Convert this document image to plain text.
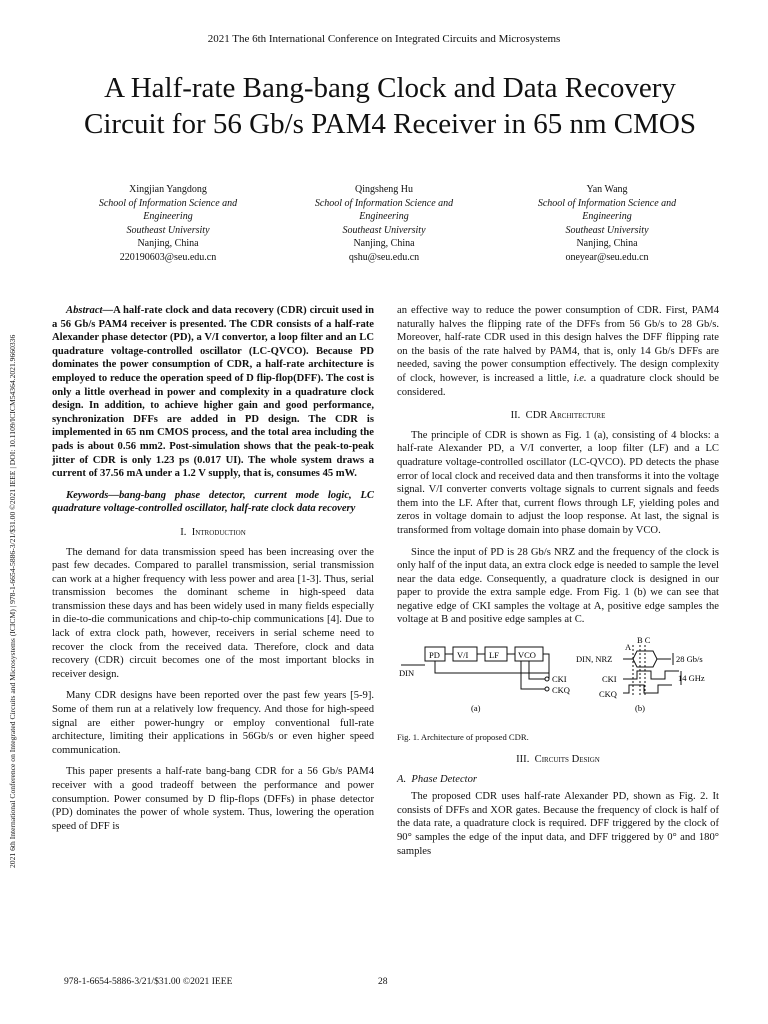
2021 The 6th International Conference on Integrated Circuits and Microsystems
A Half-rate Bang-bang Clock and Data Recovery
Circuit for 56 Gb/s PAM4 Receiver in 65 nm CMOS
2021 6th International Conference on Integrated Circuits and Microsystems (ICICM) | 978-1-6654-5886-3/21/$31.00 ©2021 IEEE | DOI: 10.1109/ICICM54364.2021.9660336
Xingjian Yangdong
School of Information Science and
Engineering
Southeast University
Nanjing, China
220190603@seu.edu.cn
Qingsheng Hu
School of Information Science and
Engineering
Southeast University
Nanjing, China
qshu@seu.edu.cn
Yan Wang
School of Information Science and
Engineering
Southeast University
Nanjing, China
oneyear@seu.edu.cn

Abstract—A half-rate clock and data recovery (CDR) circuit used in a 56 Gb/s PAM4 receiver is presented. The CDR consists of a half-rate Alexander phase detector (PD), a V/I convertor, a loop filter and an LC quadrature voltage-controlled oscillator (LC-QVCO). Because PD dominates the power consumption of CDR, a half-rate architecture is employed to reduce the operation speed of D flip-flop(DFF). The cost is only a little overhead in power and complexity in a quadrature clock design. In addition, to achieve higher gain and good performance, synchronization DFFs are added in PD design. The CDR is implemented in 65 nm CMOS process, and the total area including the pads is about 0.56 mm2. Post-simulation shows that the peak-to-peak jitter of CDR is only 1.23 ps (0.017 UI). The whole system draws a current of 37.56 mA under a 1.2 V supply, that is, consumes 45 mW.

Keywords—bang-bang phase detector, current mode logic, LC quadrature voltage-controlled oscillator, half-rate clock data recovery

I. Introduction

The demand for data transmission speed has been increasing over the past few decades. Compared to parallel transmission, serial transmission can work at a higher frequency with less power and area [1-3]. Thus, serial transmission becomes the dominant scheme in high-speed data transmission these days and has been widely used in many fields especially in die-to-die communications and chip-to-chip communications [4]. Due to lack of extra clock path, however, receivers in serial scheme need to recover the clock from the received data. Therefore, clock and data recovery (CDR) circuit becomes one of the most important blocks in receiver design.

Many CDR designs have been reported over the past few years [5-9]. Some of them run at a relatively low frequency. And those for high-speed signal are either power-hungry or employ conventional full-rate architecture, limiting their applications in 56Gb/s or even higher speed communication.

This paper presents a half-rate bang-bang CDR for a 56 Gb/s PAM4 receiver with a good tradeoff between the performance and power consumption. Power consumed by D flip-flops (DFFs) in phase detector (PD) dominates the power of whole system. Thus, lowering the operation speed of DFF is

an effective way to reduce the power consumption of CDR. First, PAM4 naturally halves the flipping rate of the DFFs from 56 Gb/s to 28 Gb/s. Moreover, half-rate CDR used in this design halves the DFF flipping rate on the basis of the rate halved by PAM4, that is, only 14 Gb/s DFFs are needed, saving the power consumption effectively. The design complexity of clock, however, is increased a little, i.e. a quadrature clock should be considered.

II. CDR Architecture

The principle of CDR is shown as Fig. 1 (a), consisting of 4 blocks: a half-rate Alexander PD, a V/I converter, a loop filter (LF) and a LC quadrature voltage-controlled oscillator (LC-QVCO). PD detects the phase error of local clock and received data and then transforms it into the voltage signal. V/I converter converts voltage signals to current signals and feeds them into the LF. After that, current flows through LF, yielding poles and zeros in voltage domain to adjust the loop response. At last, the signal is transformed from voltage domain into phase domain by VCO.

Since the input of PD is 28 Gb/s NRZ and the frequency of the clock is only half of the input data, an extra clock edge is needed to sample the level near the data edge. Consequently, a quadrature clock is designed in our paper to provide the extra sample edge. From Fig. 1 (b) we can see that negative edge of CKI samples the voltage at A, positive edge samples the voltage at B and positive edge samples at C.

PD V/I LF VCO
DIN
CKI
CKQ
(a)
DIN, NRZ
CKI
CKQ
A
B C
28 Gb/s
14 GHz
(b)
Fig. 1. Architecture of proposed CDR.
III. Circuits Design
A. Phase Detector

The proposed CDR uses half-rate Alexander PD, shown as Fig. 2. It consists of DFFs and XOR gates. Because the frequency of clock is half of the data rate, a quadrature clock is required. DFF triggered by the clock of 90° samples the edge of the input data, and DFF triggered by 0° and 180° samples

978-1-6654-5886-3/21/$31.00 ©2021 IEEE	28
